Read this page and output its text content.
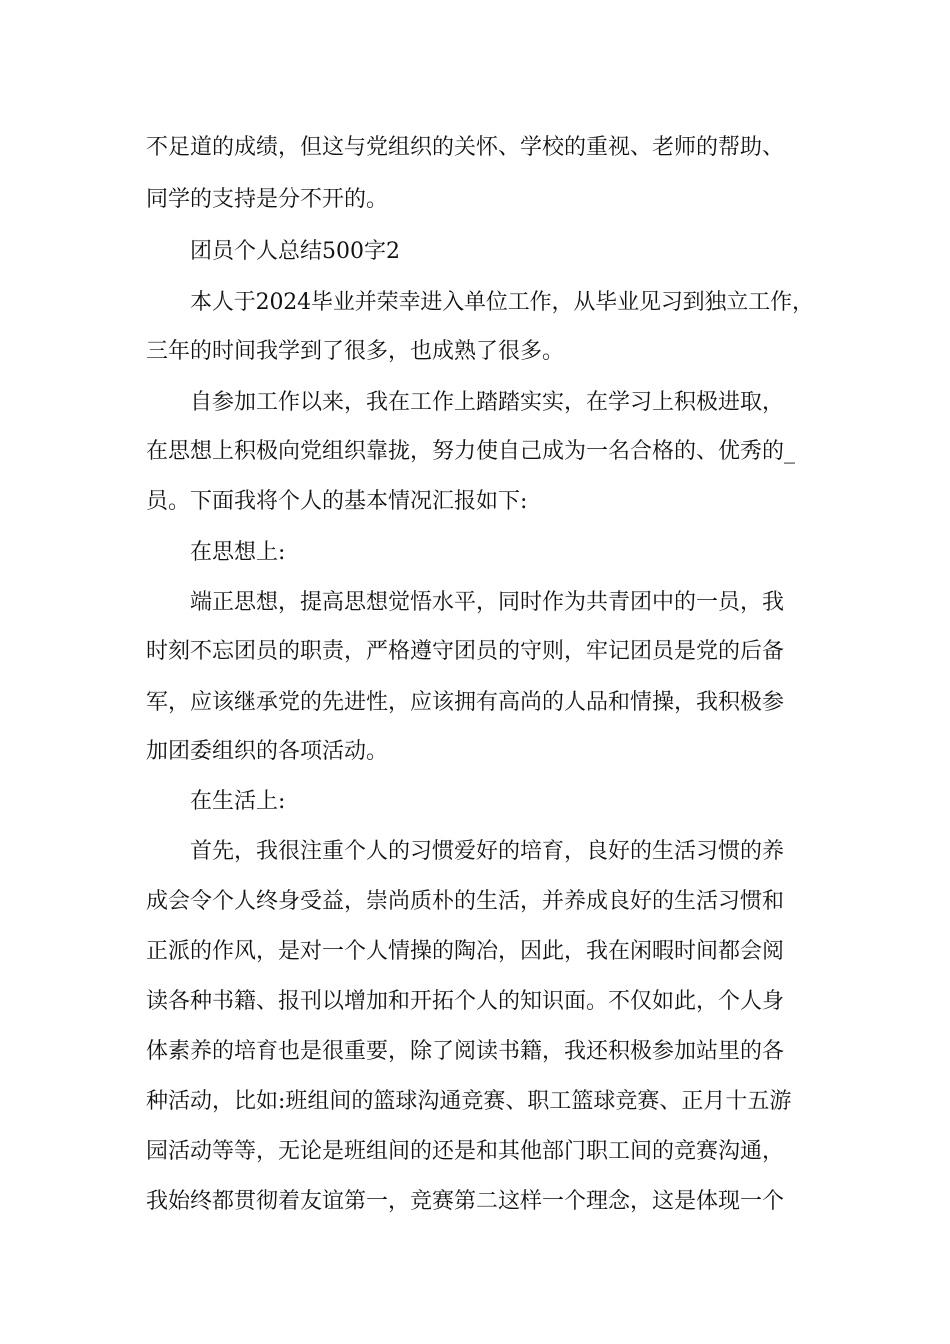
不足道的成绩，但这与党组织的关怀、学校的重视、老师的帮助、

同学的支持是分不开的。

团员个人总结500字2

本人于2024毕业并荣幸进入单位工作，从毕业见习到独立工作，

三年的时间我学到了很多，也成熟了很多。

自参加工作以来，我在工作上踏踏实实，在学习上积极进取，

在思想上积极向党组织靠拢，努力使自己成为一名合格的、优秀的_

员。下面我将个人的基本情况汇报如下:

在思想上:

端正思想，提高思想觉悟水平，同时作为共青团中的一员，我

时刻不忘团员的职责，严格遵守团员的守则，牢记团员是党的后备

军，应该继承党的先进性，应该拥有高尚的人品和情操，我积极参

加团委组织的各项活动。

在生活上:

首先，我很注重个人的习惯爱好的培育，良好的生活习惯的养

成会令个人终身受益，崇尚质朴的生活，并养成良好的生活习惯和

正派的作风，是对一个人情操的陶冶，因此，我在闲暇时间都会阅

读各种书籍、报刊以增加和开拓个人的知识面。不仅如此，个人身

体素养的培育也是很重要，除了阅读书籍，我还积极参加站里的各

种活动，比如:班组间的篮球沟通竞赛、职工篮球竞赛、正月十五游

园活动等等，无论是班组间的还是和其他部门职工间的竞赛沟通，

我始终都贯彻着友谊第一，竞赛第二这样一个理念，这是体现一个
